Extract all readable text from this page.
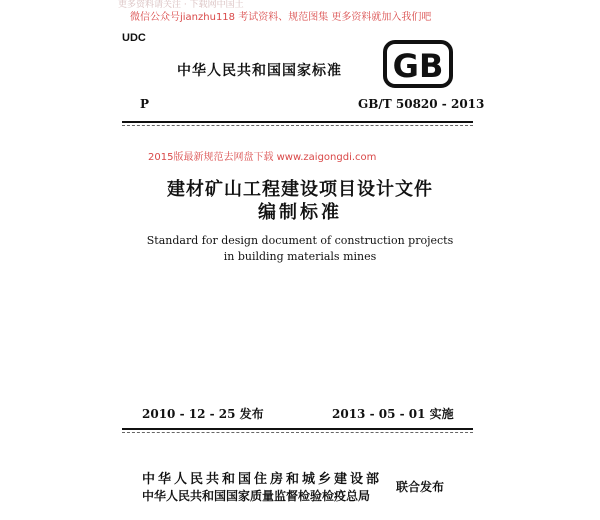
更多资料请关注 · 下载网中国土
微信公众号jianzhu118 考试资料、规范图集 更多资料就加入我们吧
UDC
中华人民共和国国家标准 GB
P	GB/T 50820 - 2013
2015版最新规范去网盘下载 www.zaigongdi.com
建材矿山工程建设项目设计文件
编制标准
Standard for design document of construction projects
in building materials mines
2010 - 12 - 25 发布	2013 - 05 - 01 实施
中华人民共和国住房和城乡建设部
中华人民共和国国家质量监督检验检疫总局
联合发布
